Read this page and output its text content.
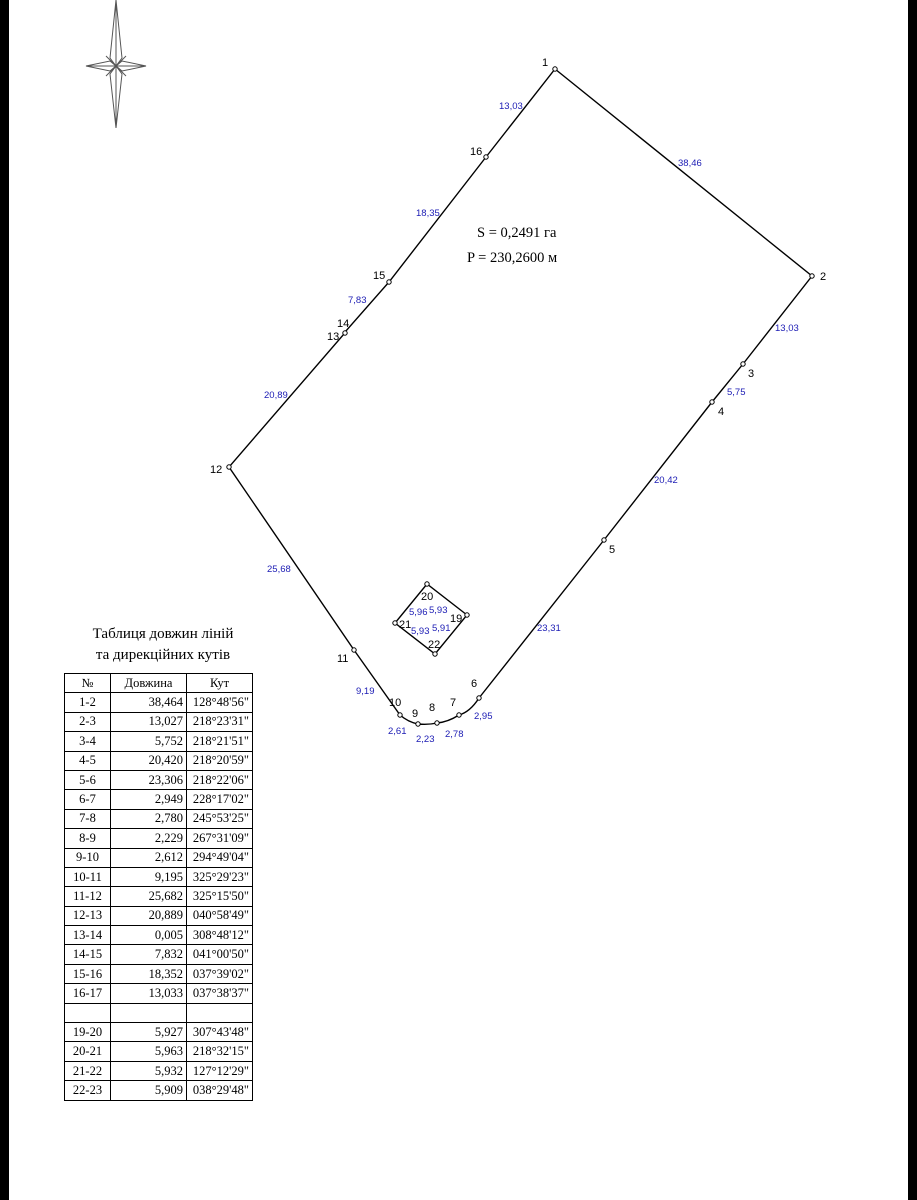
1
2
3
4
5
6
7
8
9
10
11
12
13
14
15
16
19
20
21
22
38,46
13,03
5,75
20,42
23,31
2,95
2,78
2,23
2,61
9,19
25,68
20,89
7,83
18,35
13,03
5,93
5,96
5,93 5,91
S = 0,2491 га
P = 230,2600 м
Таблиця довжин ліній
та дирекційних кутів
№	Довжина	Кут
1-2	38,464	128°48'56"
2-3	13,027	218°23'31"
3-4	5,752	218°21'51"
4-5	20,420	218°20'59"
5-6	23,306	218°22'06"
6-7	2,949	228°17'02"
7-8	2,780	245°53'25"
8-9	2,229	267°31'09"
9-10	2,612	294°49'04"
10-11	9,195	325°29'23"
11-12	25,682	325°15'50"
12-13	20,889	040°58'49"
13-14	0,005	308°48'12"
14-15	7,832	041°00'50"
15-16	18,352	037°39'02"
16-17	13,033	037°38'37"

19-20	5,927	307°43'48"
20-21	5,963	218°32'15"
21-22	5,932	127°12'29"
22-23	5,909	038°29'48"
